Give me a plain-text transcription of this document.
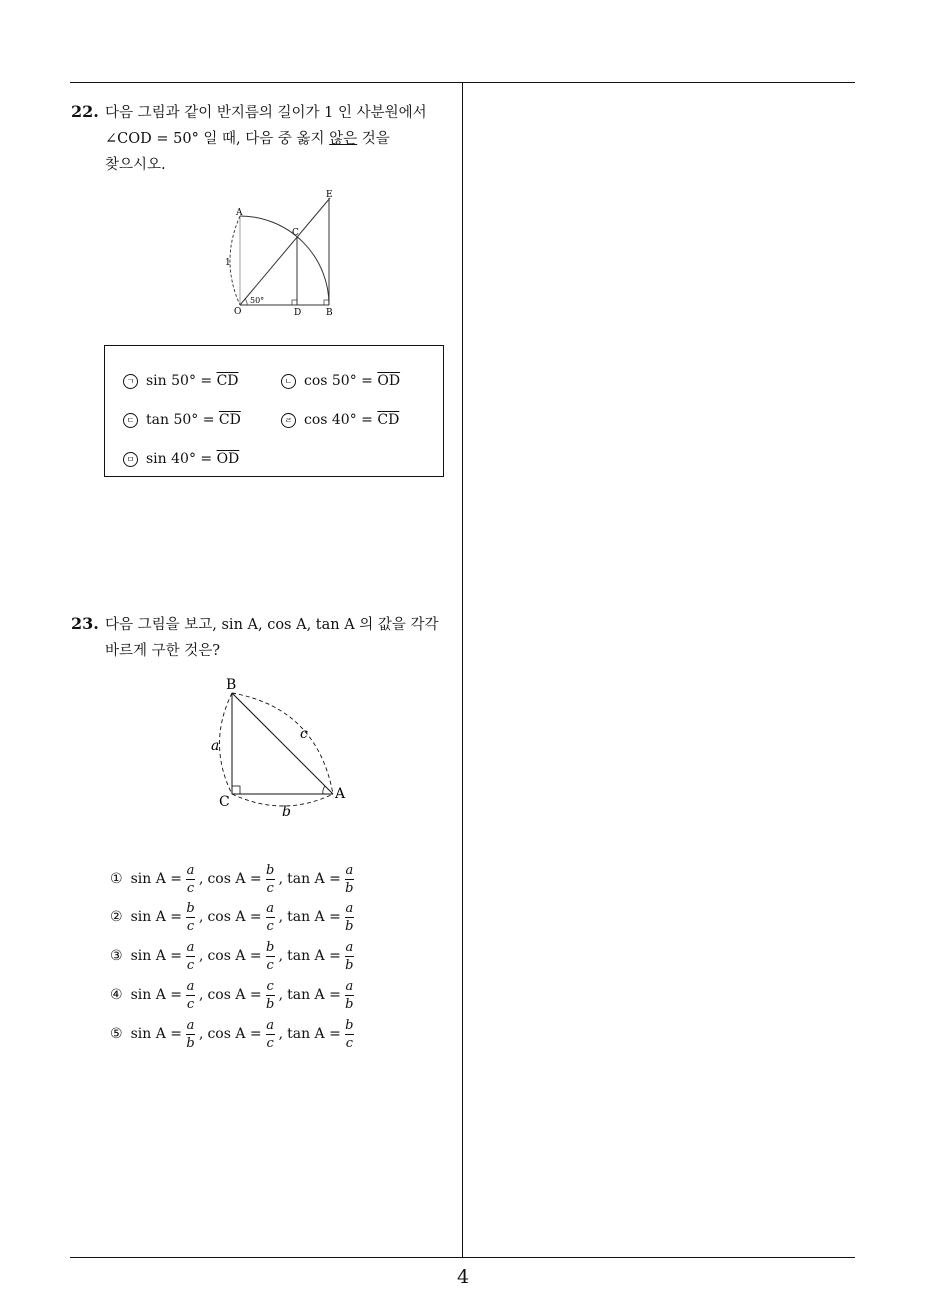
22. 다음 그림과 같이 반지름의 길이가 1 인 사분원에서
∠COD = 50° 일 때, 다음 중 옳지 않은 것을
찾으시오.
A
E
C
O	D	B
1
50°
ㄱ $\sin 50^\circ = \overline{CD}$	ㄴ $\cos 50^\circ = \overline{OD}$
ㄷ $\tan 50^\circ = \overline{CD}$	ㄹ $\cos 40^\circ = \overline{CD}$
ㅁ $\sin 40^\circ = \overline{OD}$
23. 다음 그림을 보고, sin A, cos A, tan A 의 값을 각각
바르게 구한 것은?
B
C	A
a
b
c
① $\sin A = \frac{a}{c}$ , $\cos A = \frac{b}{c}$ , $\tan A = \frac{a}{b}$
② $\sin A = \frac{b}{c}$ , $\cos A = \frac{a}{c}$ , $\tan A = \frac{a}{b}$
③ $\sin A = \frac{a}{c}$ , $\cos A = \frac{b}{c}$ , $\tan A = \frac{a}{b}$
④ $\sin A = \frac{a}{c}$ , $\cos A = \frac{c}{b}$ , $\tan A = \frac{a}{b}$
⑤ $\sin A = \frac{a}{b}$ , $\cos A = \frac{a}{c}$ , $\tan A = \frac{b}{c}$
4
